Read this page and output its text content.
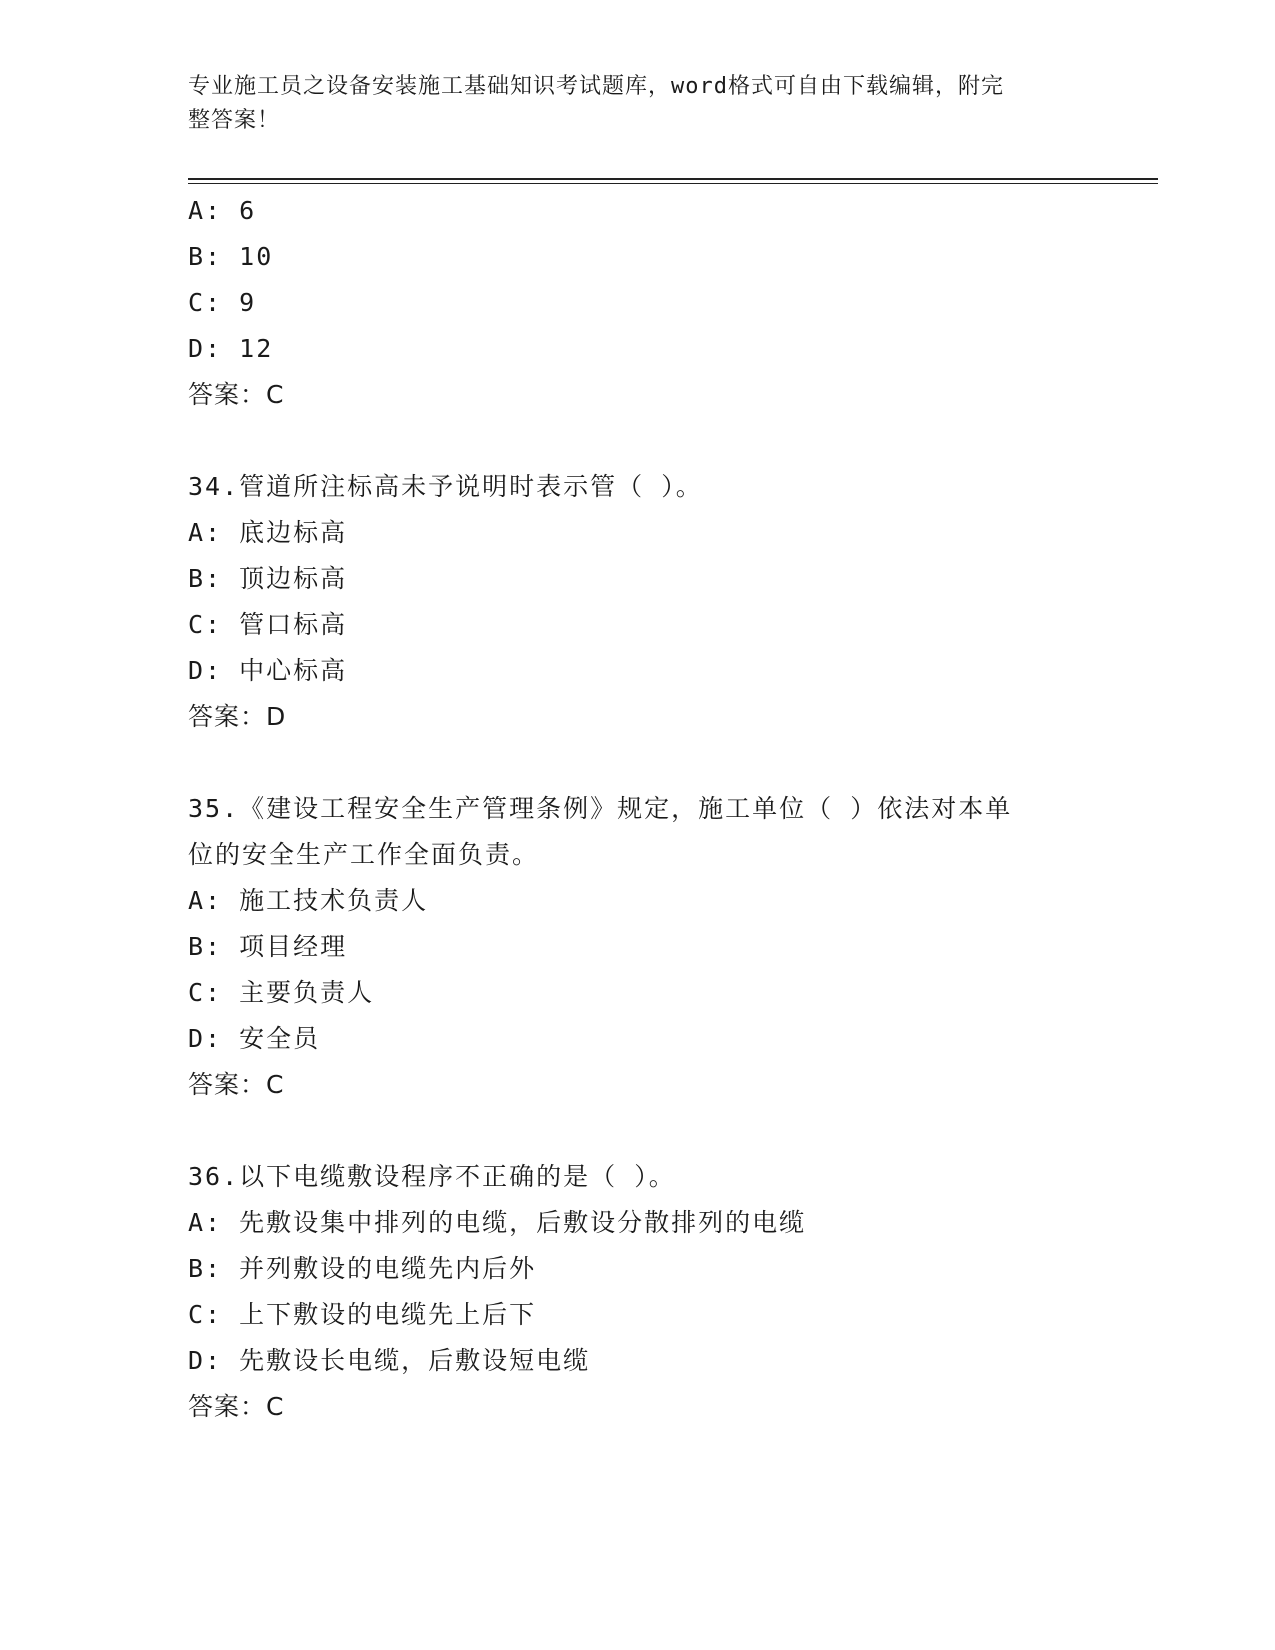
专业施工员之设备安装施工基础知识考试题库，word格式可自由下载编辑，附完
整答案！
A: 6
B: 10
C: 9
D: 12
答案：C
34.管道所注标高未予说明时表示管（ ）。
A: 底边标高
B: 顶边标高
C: 管口标高
D: 中心标高
答案：D
35.《建设工程安全生产管理条例》规定，施工单位（ ）依法对本单
位的安全生产工作全面负责。
A: 施工技术负责人
B: 项目经理
C: 主要负责人
D: 安全员
答案：C
36.以下电缆敷设程序不正确的是（ ）。
A: 先敷设集中排列的电缆，后敷设分散排列的电缆
B: 并列敷设的电缆先内后外
C: 上下敷设的电缆先上后下
D: 先敷设长电缆，后敷设短电缆
答案：C
